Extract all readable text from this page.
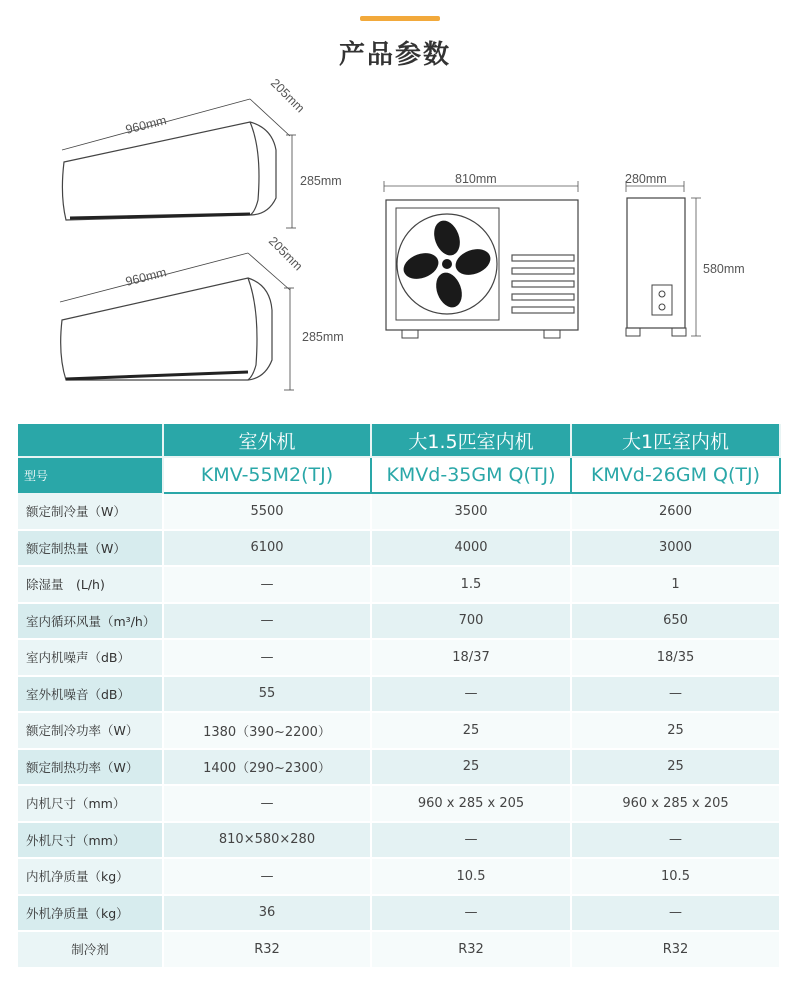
产品参数
960mm
205mm
285mm
960mm
205mm
285mm
810mm	280mm
580mm
	室外机	大1.5匹室内机	大1匹室内机
型号	KMV-55M2(TJ)	KMVd-35GM Q(TJ)	KMVd-26GM Q(TJ)
额定制冷量（W）	5500	3500	2600
额定制热量（W）	6100	4000	3000
除湿量　(L/h)	—	1.5	1
室内循环风量（m³/h）	—	700	650
室内机噪声（dB）	—	18/37	18/35
室外机噪音（dB）	55	—	—
额定制冷功率（W）	1380（390~2200）	25	25
额定制热功率（W）	1400（290~2300）	25	25
内机尺寸（mm）	—	960 x 285 x 205	960 x 285 x 205
外机尺寸（mm）	810×580×280	—	—
内机净质量（kg）	—	10.5	10.5
外机净质量（kg）	36	—	—
制冷剂	R32	R32	R32
